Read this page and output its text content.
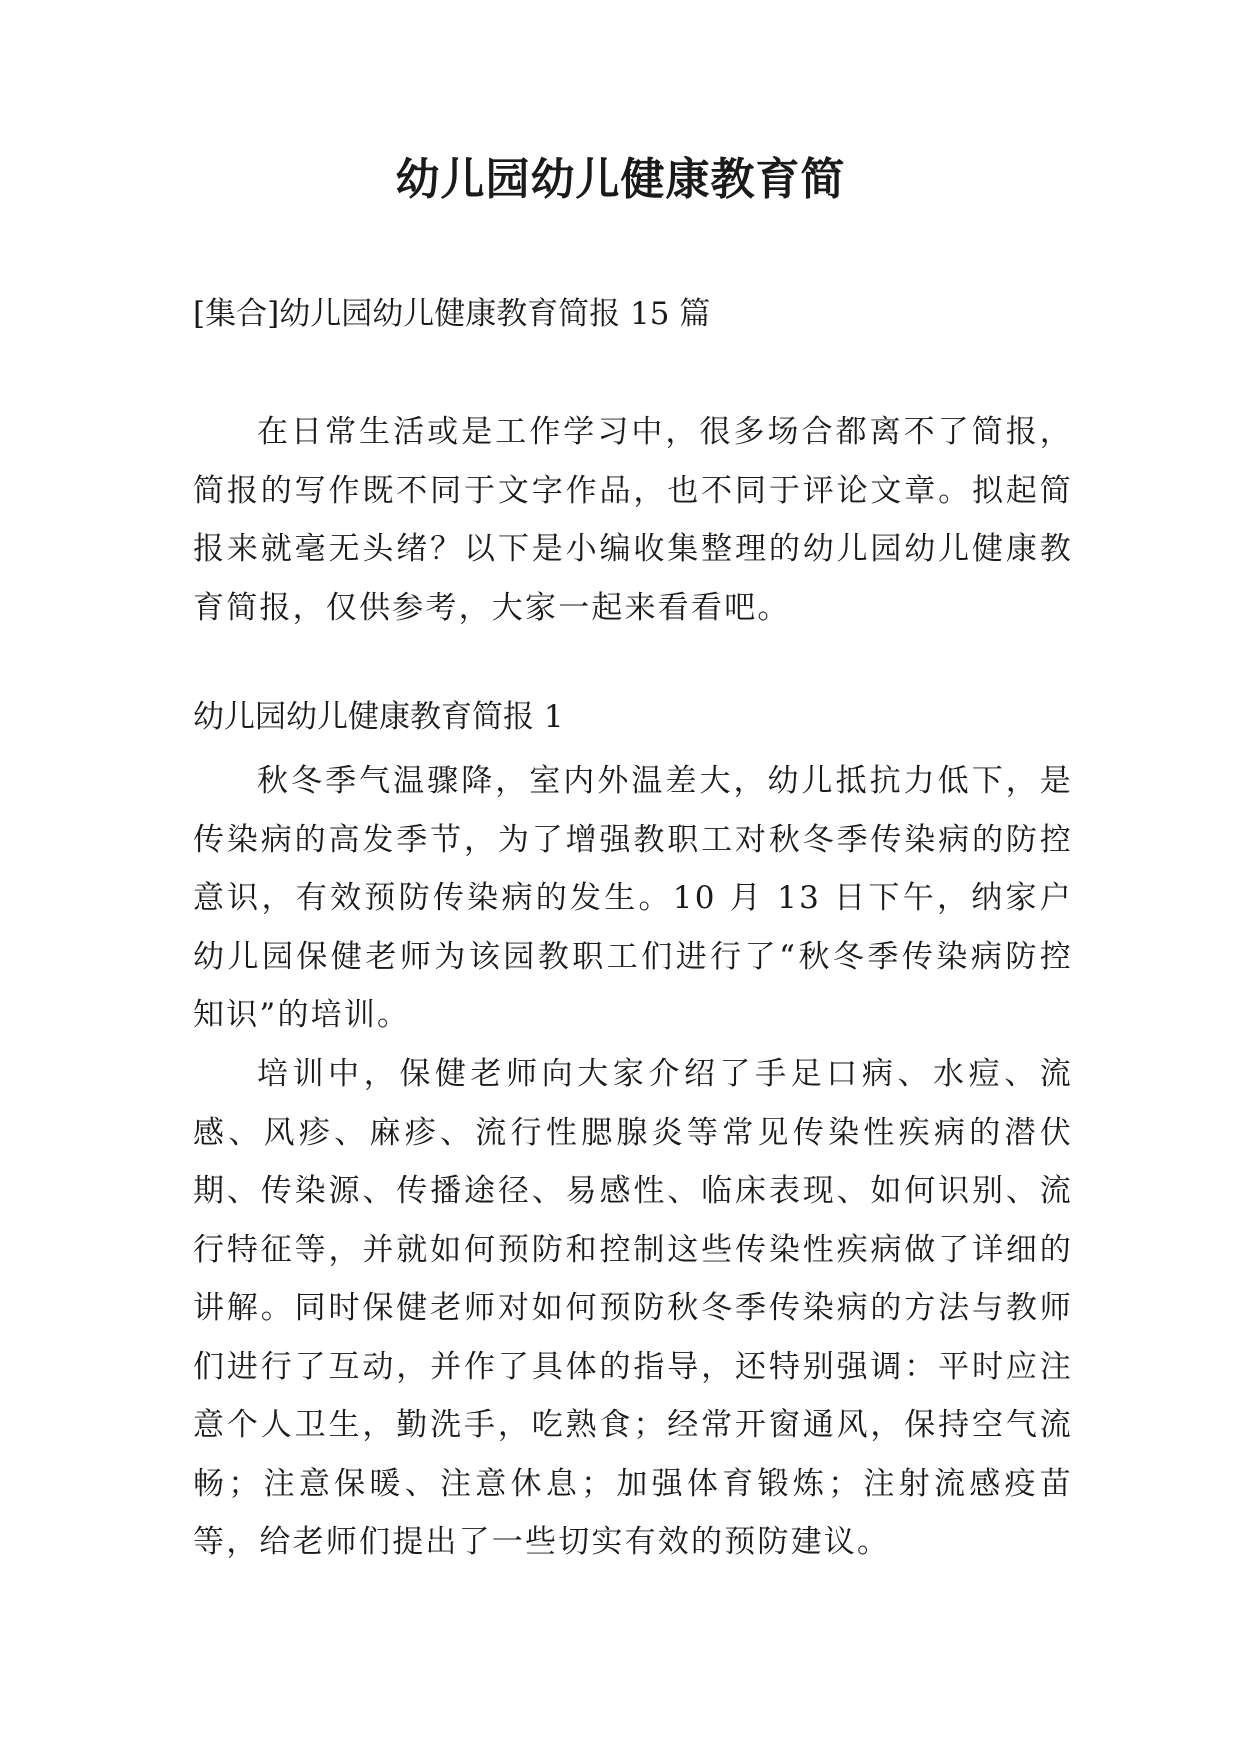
幼儿园幼儿健康教育简
[集合]幼儿园幼儿健康教育简报 15 篇

在日常生活或是工作学习中，很多场合都离不了简报，简报的写作既不同于文字作品，也不同于评论文章。拟起简报来就毫无头绪？以下是小编收集整理的幼儿园幼儿健康教育简报，仅供参考，大家一起来看看吧。

幼儿园幼儿健康教育简报 1

秋冬季气温骤降，室内外温差大，幼儿抵抗力低下，是传染病的高发季节，为了增强教职工对秋冬季传染病的防控意识，有效预防传染病的发生。10 月 13 日下午，纳家户幼儿园保健老师为该园教职工们进行了“秋冬季传染病防控知识”的培训。

培训中，保健老师向大家介绍了手足口病、水痘、流感、风疹、麻疹、流行性腮腺炎等常见传染性疾病的潜伏期、传染源、传播途径、易感性、临床表现、如何识别、流行特征等，并就如何预防和控制这些传染性疾病做了详细的讲解。同时保健老师对如何预防秋冬季传染病的方法与教师们进行了互动，并作了具体的指导，还特别强调：平时应注意个人卫生，勤洗手，吃熟食；经常开窗通风，保持空气流畅；注意保暖、注意休息；加强体育锻炼；注射流感疫苗等，给老师们提出了一些切实有效的预防建议。
